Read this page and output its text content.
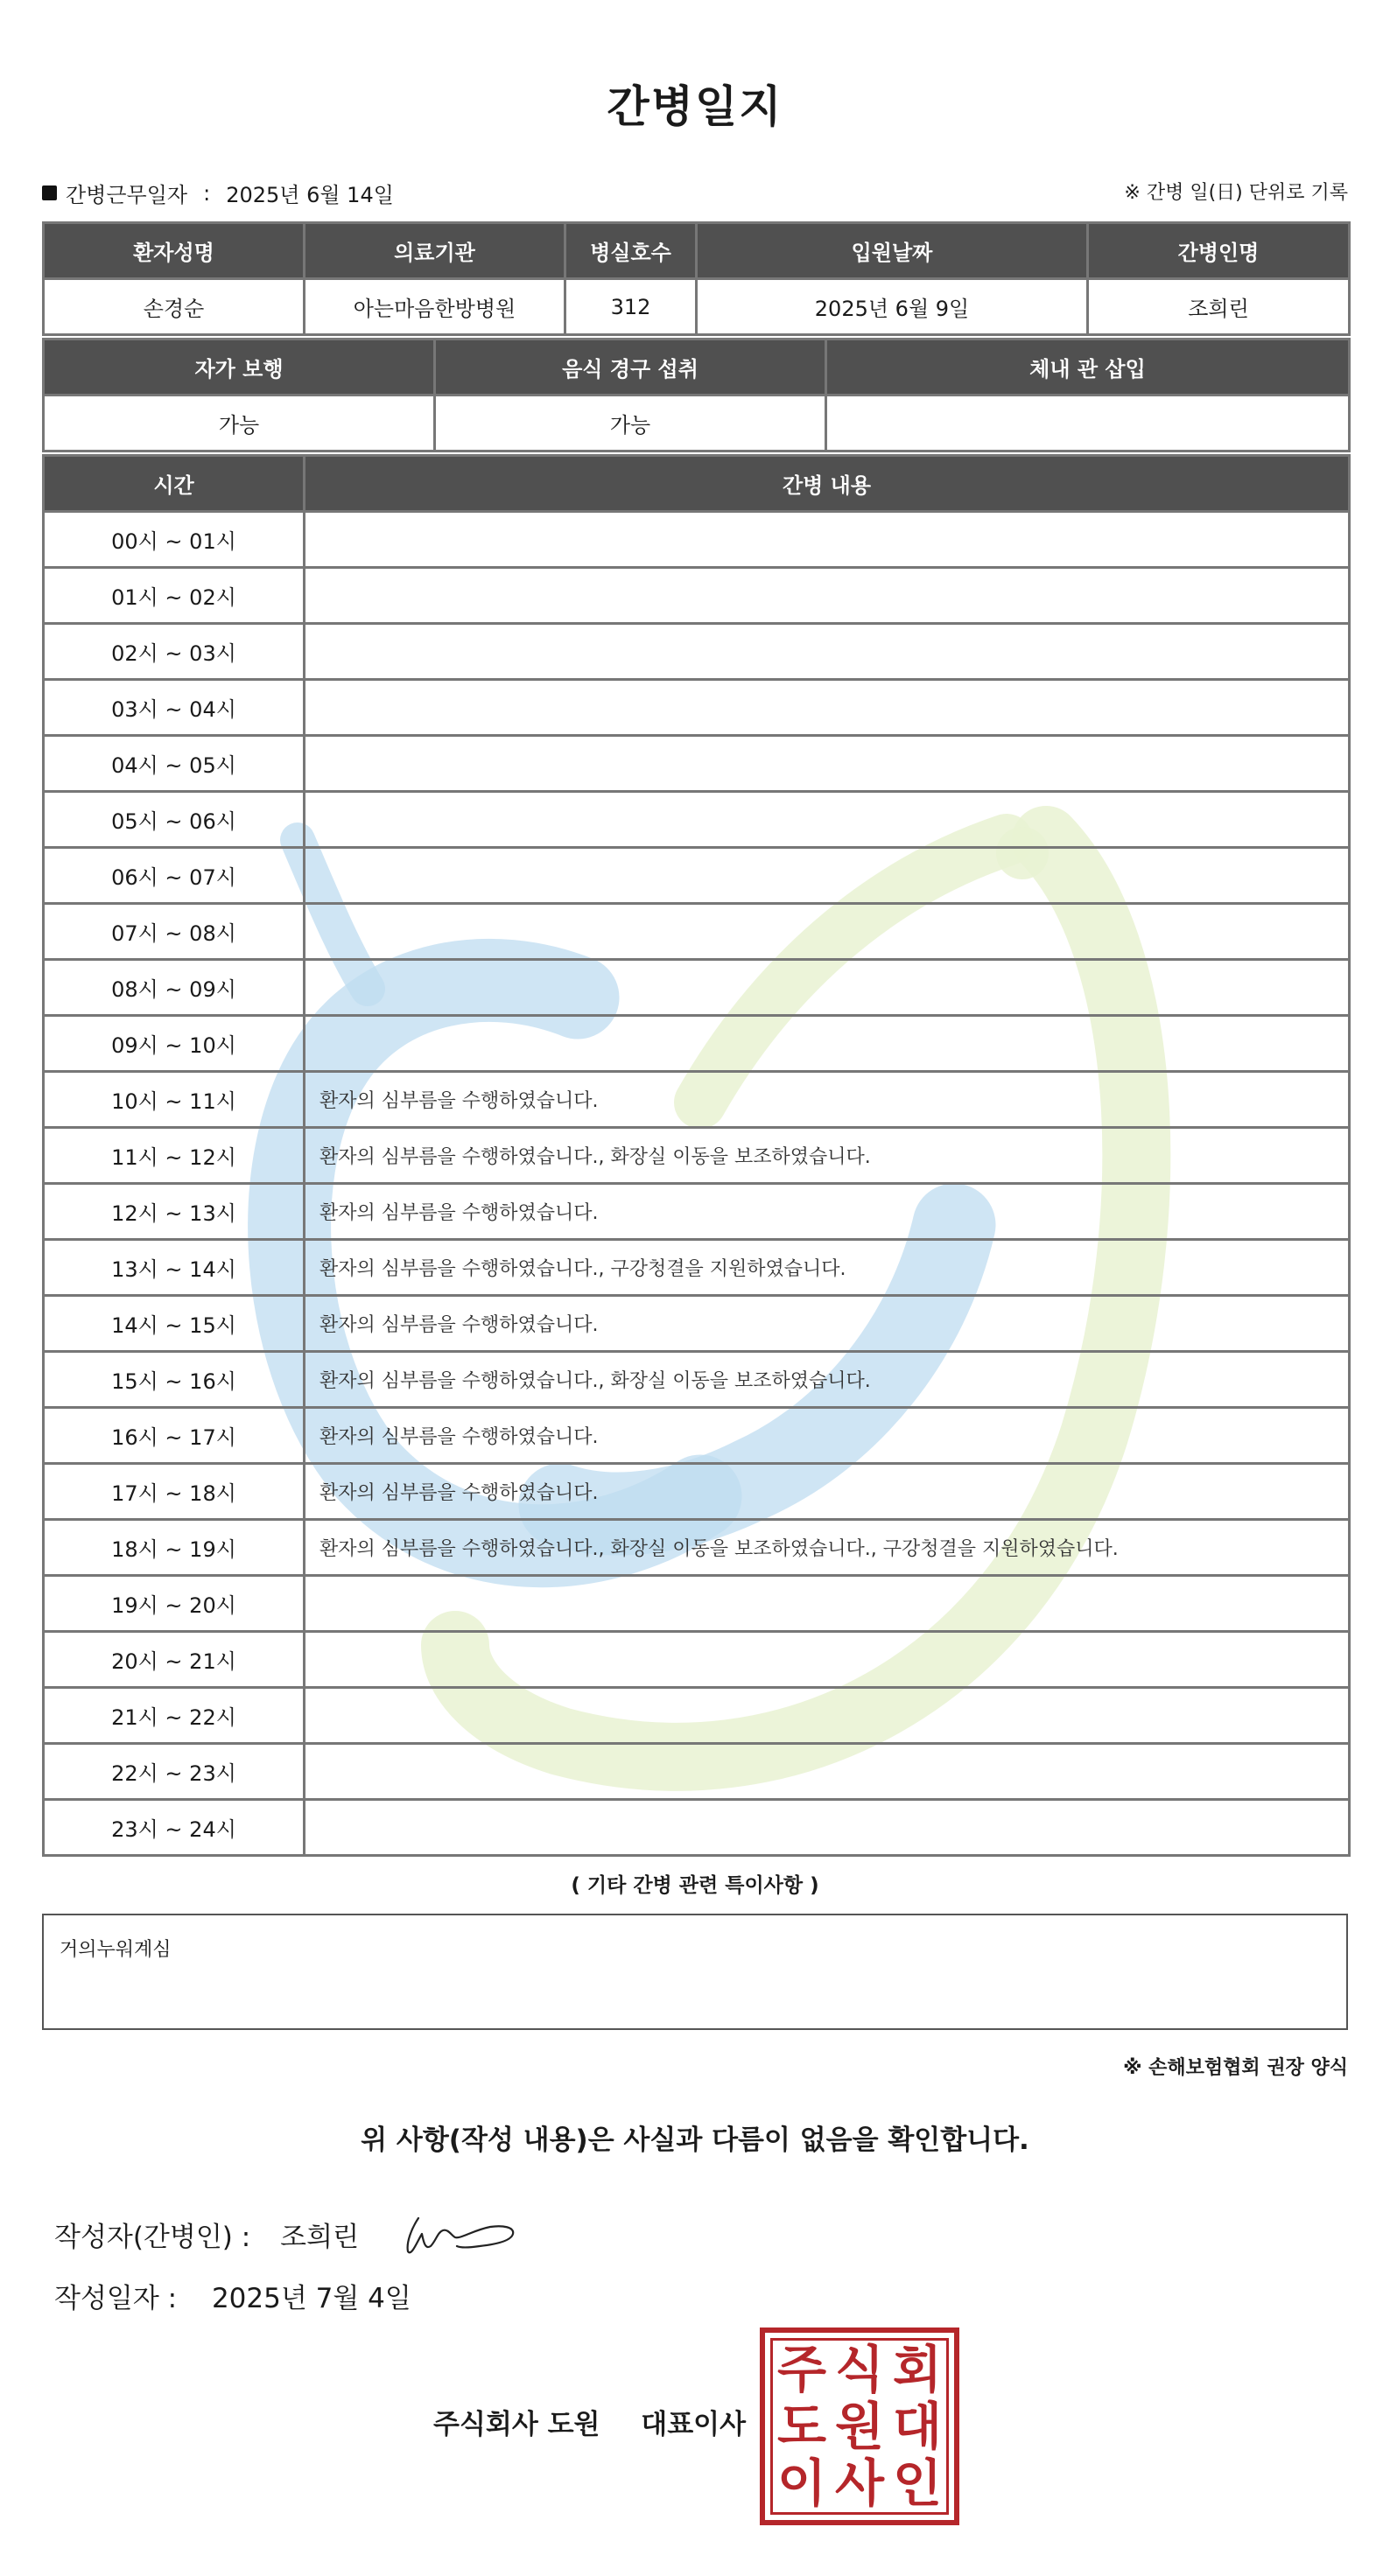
간병일지
간병근무일자 : 2025년 6월 14일	※ 간병 일(日) 단위로 기록
환자성명	의료기관	병실호수	입원날짜	간병인명
손경순	아는마음한방병원	312	2025년 6월 9일	조희린
자가 보행	음식 경구 섭취	체내 관 삽입
가능	가능	
시간	간병 내용
00시 ~ 01시	
01시 ~ 02시	
02시 ~ 03시	
03시 ~ 04시	
04시 ~ 05시	
05시 ~ 06시	
06시 ~ 07시	
07시 ~ 08시	
08시 ~ 09시	
09시 ~ 10시	
10시 ~ 11시	환자의 심부름을 수행하였습니다.
11시 ~ 12시	환자의 심부름을 수행하였습니다., 화장실 이동을 보조하였습니다.
12시 ~ 13시	환자의 심부름을 수행하였습니다.
13시 ~ 14시	환자의 심부름을 수행하였습니다., 구강청결을 지원하였습니다.
14시 ~ 15시	환자의 심부름을 수행하였습니다.
15시 ~ 16시	환자의 심부름을 수행하였습니다., 화장실 이동을 보조하였습니다.
16시 ~ 17시	환자의 심부름을 수행하였습니다.
17시 ~ 18시	환자의 심부름을 수행하였습니다.
18시 ~ 19시	환자의 심부름을 수행하였습니다., 화장실 이동을 보조하였습니다., 구강청결을 지원하였습니다.
19시 ~ 20시	
20시 ~ 21시	
21시 ~ 22시	
22시 ~ 23시	
23시 ~ 24시	
( 기타 간병 관련 특이사항 )
거의누워계심
※ 손해보험협회 권장 양식
위 사항(작성 내용)은 사실과 다름이 없음을 확인합니다.
작성자(간병인) : 조희린
작성일자 : 2025년 7월 4일
주식회사 도원 대표이사
주 식 회
도 원 대
이 사 인
